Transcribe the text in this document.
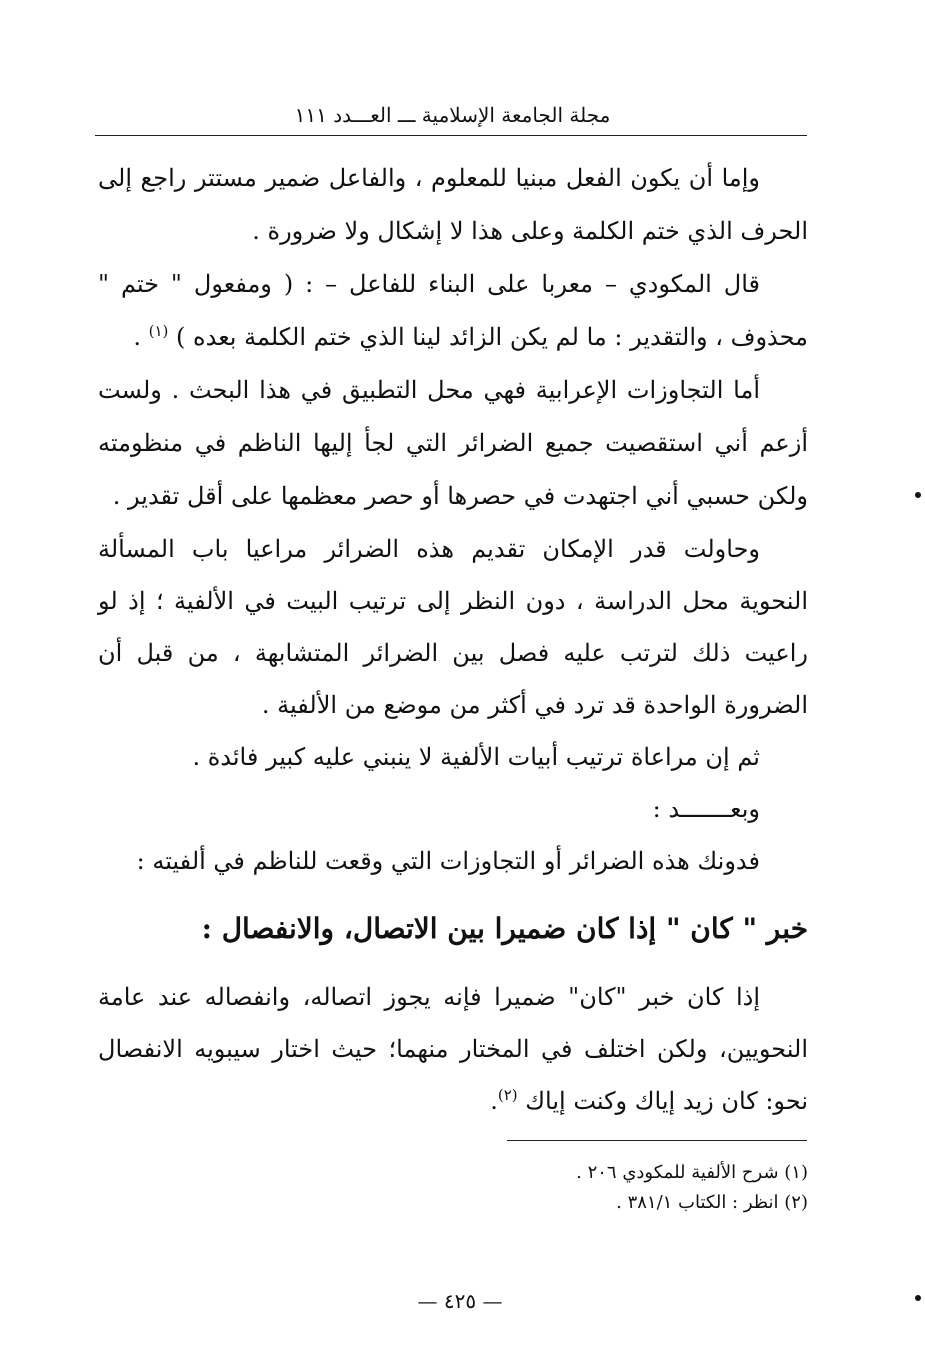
مجلة الجامعة الإسلامية ـــ العـــدد ١١١

وإما أن يكون الفعل مبنيا للمعلوم ، والفاعل ضمير مستتر راجع إلى الحرف الذي ختم الكلمة وعلى هذا لا إشكال ولا ضرورة .

قال المكودي – معربا على البناء للفاعل – : ( ومفعول " ختم " محذوف ، والتقدير : ما لم يكن الزائد لينا الذي ختم الكلمة بعده ) $^{(١)}$ .

أما التجاوزات الإعرابية فهي محل التطبيق في هذا البحث . ولست أزعم أني استقصيت جميع الضرائر التي لجأ إليها الناظم في منظومته ولكن حسبي أني اجتهدت في حصرها أو حصر معظمها على أقل تقدير .

وحاولت قدر الإمكان تقديم هذه الضرائر مراعيا باب المسألة النحوية محل الدراسة ، دون النظر إلى ترتيب البيت في الألفية ؛ إذ لو راعيت ذلك لترتب عليه فصل بين الضرائر المتشابهة ، من قبل أن الضرورة الواحدة قد ترد في أكثر من موضع من الألفية .

ثم إن مراعاة ترتيب أبيات الألفية لا ينبني عليه كبير فائدة .

وبعـــــــد :

فدونك هذه الضرائر أو التجاوزات التي وقعت للناظم في ألفيته :

خبر " كان " إذا كان ضميرا بين الاتصال، والانفصال :

إذا كان خبر "كان" ضميرا فإنه يجوز اتصاله، وانفصاله عند عامة النحويين، ولكن اختلف في المختار منهما؛ حيث اختار سيبويه الانفصال نحو: كان زيد إياك وكنت إياك $^{(٢)}$.

(١) شرح الألفية للمكودي ٢٠٦ .

(٢) انظر : الكتاب ٣٨١/١ .

— ٤٢٥ —
